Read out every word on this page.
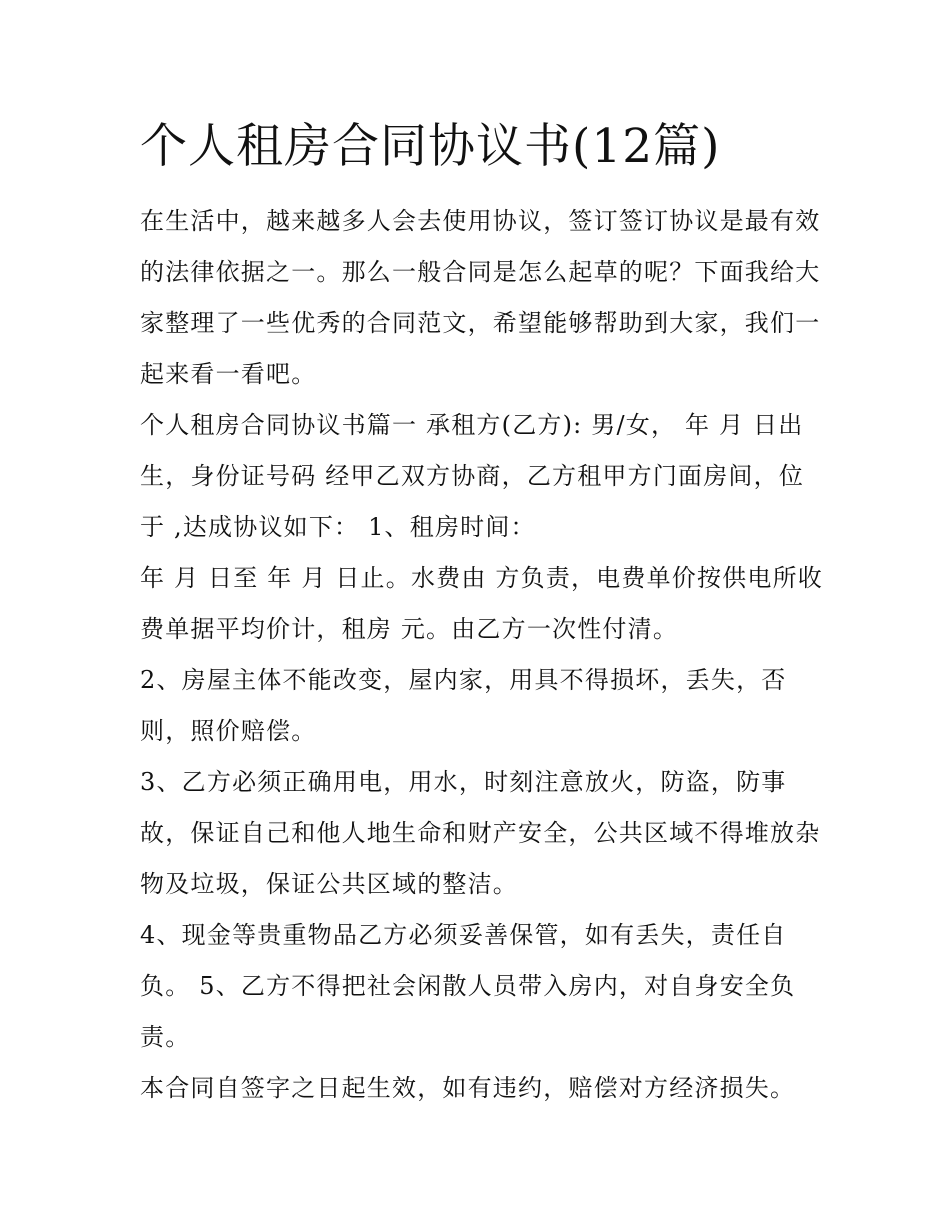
个人租房合同协议书(12篇)
在生活中，越来越多人会去使用协议，签订签订协议是最有效
的法律依据之一。那么一般合同是怎么起草的呢？下面我给大
家整理了一些优秀的合同范文，希望能够帮助到大家，我们一
起来看一看吧。
个人租房合同协议书篇一 承租方(乙方): 男/女， 年 月 日出
生，身份证号码 经甲乙双方协商，乙方租甲方门面房间，位
于 ,达成协议如下： 1、租房时间：
年 月 日至 年 月 日止。水费由 方负责，电费单价按供电所收
费单据平均价计，租房 元。由乙方一次性付清。
2、房屋主体不能改变，屋内家，用具不得损坏，丢失，否
则，照价赔偿。
3、乙方必须正确用电，用水，时刻注意放火，防盗，防事
故，保证自己和他人地生命和财产安全，公共区域不得堆放杂
物及垃圾，保证公共区域的整洁。
4、现金等贵重物品乙方必须妥善保管，如有丢失，责任自
负。 5、乙方不得把社会闲散人员带入房内，对自身安全负
责。
本合同自签字之日起生效，如有违约，赔偿对方经济损失。
